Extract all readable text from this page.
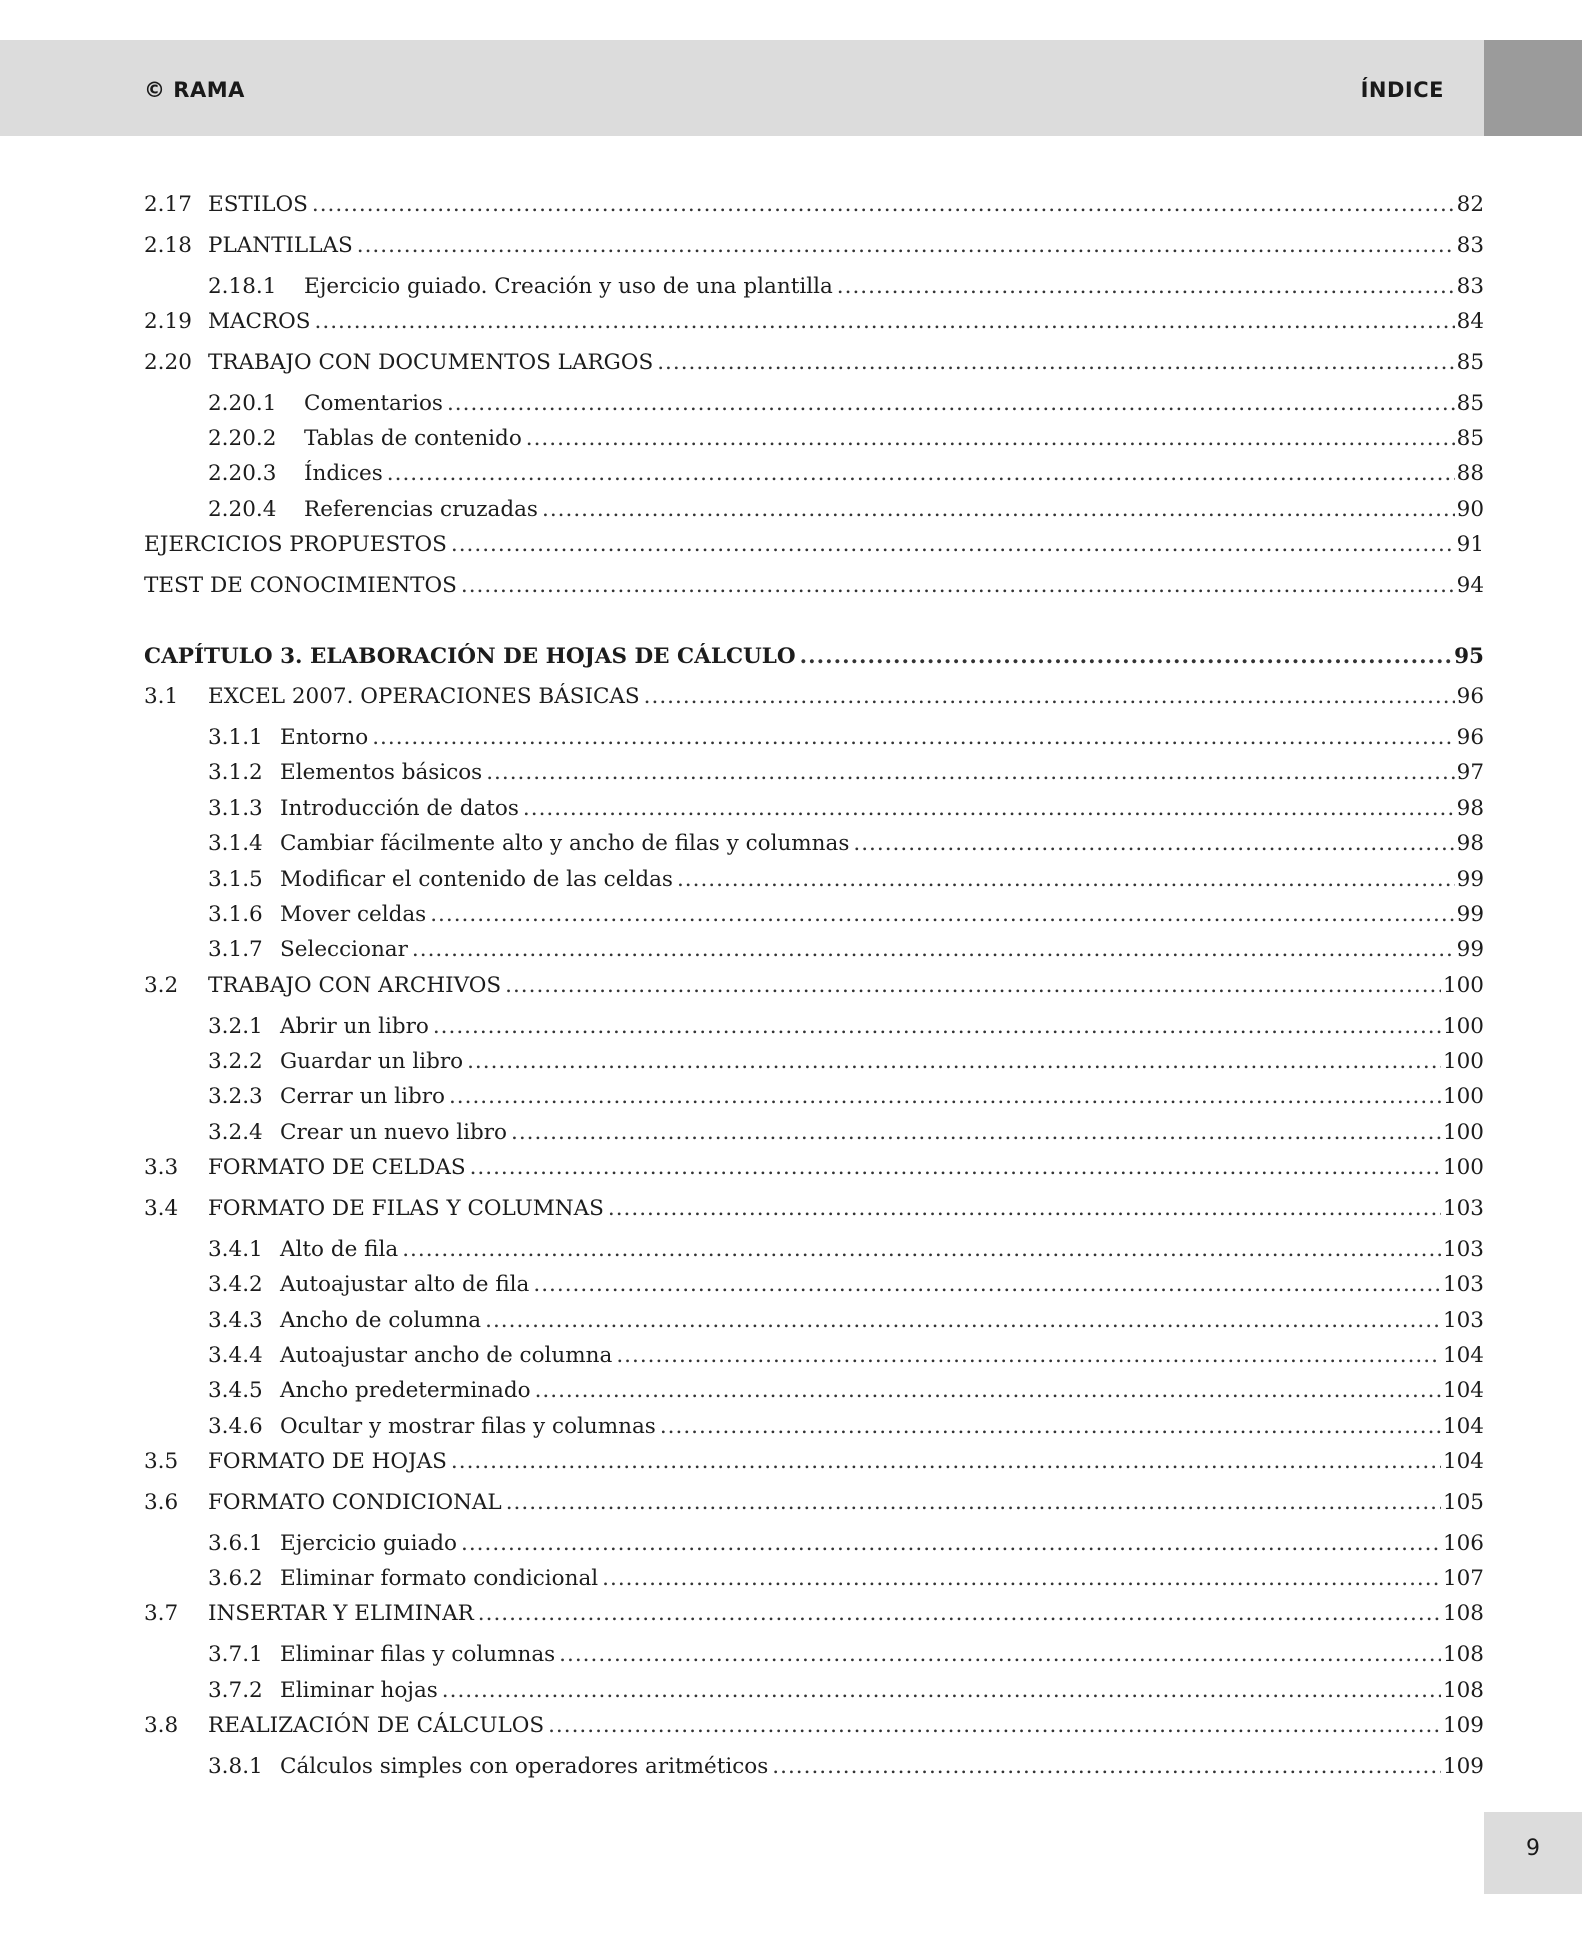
© RAMA	ÍNDICE
2.17 ESTILOS .....	82
2.18 PLANTILLAS .....	83
2.18.1	Ejercicio guiado. Creación y uso de una plantilla .....	83
2.19 MACROS .....	84
2.20 TRABAJO CON DOCUMENTOS LARGOS .....	85
2.20.1	Comentarios .....	85
2.20.2	Tablas de contenido .....	85
2.20.3	Índices .....	88
2.20.4	Referencias cruzadas .....	90
EJERCICIOS PROPUESTOS .....	91
TEST DE CONOCIMIENTOS .....	94
CAPÍTULO 3. ELABORACIÓN DE HOJAS DE CÁLCULO .....	95
3.1	EXCEL 2007. OPERACIONES BÁSICAS .....	96
3.1.1 Entorno .....	96
3.1.2 Elementos básicos .....	97
3.1.3 Introducción de datos .....	98
3.1.4 Cambiar fácilmente alto y ancho de filas y columnas .....	98
3.1.5 Modificar el contenido de las celdas .....	99
3.1.6 Mover celdas .....	99
3.1.7 Seleccionar .....	99
3.2	TRABAJO CON ARCHIVOS .....	100
3.2.1 Abrir un libro .....	100
3.2.2 Guardar un libro .....	100
3.2.3 Cerrar un libro .....	100
3.2.4 Crear un nuevo libro .....	100
3.3	FORMATO DE CELDAS .....	100
3.4	FORMATO DE FILAS Y COLUMNAS .....	103
3.4.1 Alto de fila .....	103
3.4.2 Autoajustar alto de fila .....	103
3.4.3 Ancho de columna .....	103
3.4.4 Autoajustar ancho de columna .....	104
3.4.5 Ancho predeterminado .....	104
3.4.6 Ocultar y mostrar filas y columnas .....	104
3.5	FORMATO DE HOJAS .....	104
3.6	FORMATO CONDICIONAL .....	105
3.6.1 Ejercicio guiado .....	106
3.6.2 Eliminar formato condicional .....	107
3.7	INSERTAR Y ELIMINAR .....	108
3.7.1 Eliminar filas y columnas .....	108
3.7.2 Eliminar hojas .....	108
3.8	REALIZACIÓN DE CÁLCULOS .....	109
3.8.1 Cálculos simples con operadores aritméticos .....	109
9
